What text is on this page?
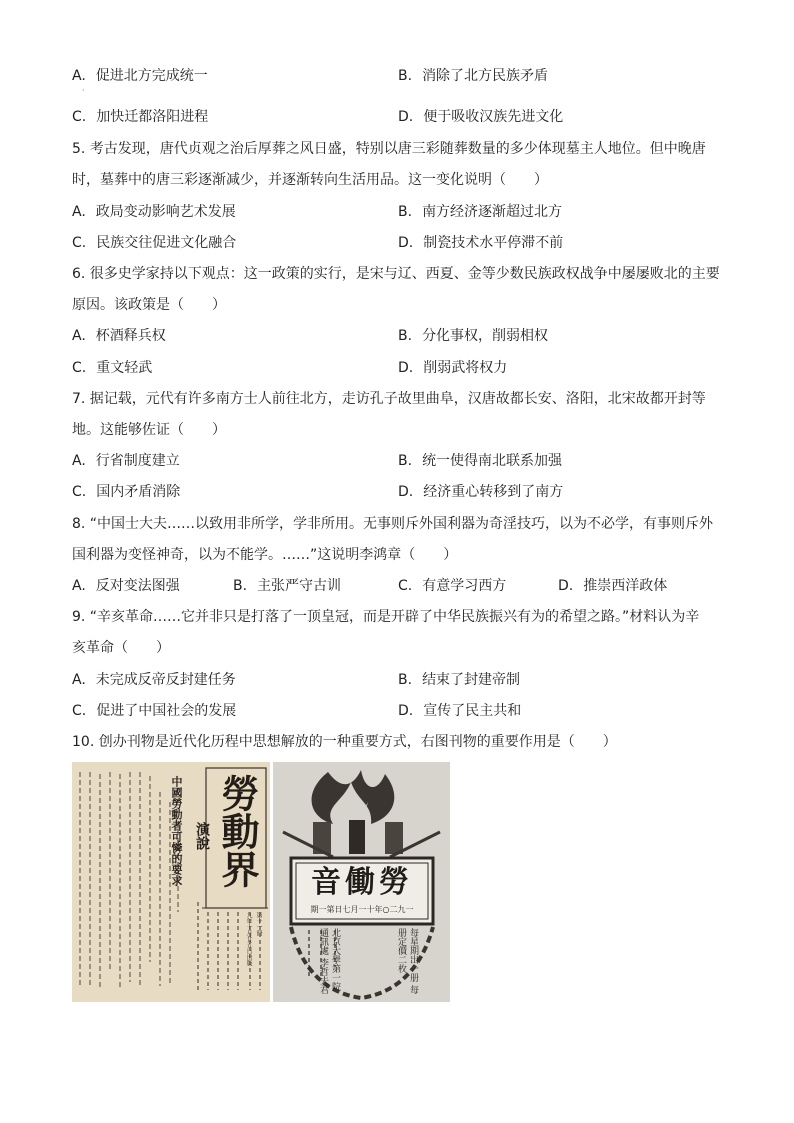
A. 促进北方完成统一	B. 消除了北方民族矛盾
·
C. 加快迁都洛阳进程	D. 便于吸收汉族先进文化
5. 考古发现，唐代贞观之治后厚葬之风日盛，特别以唐三彩随葬数量的多少体现墓主人地位。但中晚唐
时，墓葬中的唐三彩逐渐减少，并逐渐转向生活用品。这一变化说明（　　）
A. 政局变动影响艺术发展	B. 南方经济逐渐超过北方
C. 民族交往促进文化融合	D. 制瓷技术水平停滞不前
6. 很多史学家持以下观点：这一政策的实行，是宋与辽、西夏、金等少数民族政权战争中屡屡败北的主要
原因。该政策是（　　）
A. 杯酒释兵权	B. 分化事权，削弱相权
C. 重文轻武	D. 削弱武将权力
7. 据记载，元代有许多南方士人前往北方，走访孔子故里曲阜，汉唐故都长安、洛阳，北宋故都开封等
地。这能够佐证（　　）
A. 行省制度建立	B. 统一使得南北联系加强
C. 国内矛盾消除	D. 经济重心转移到了南方
8. “中国士大夫……以致用非所学，学非所用。无事则斥外国利器为奇淫技巧，以为不必学，有事则斥外
国利器为变怪神奇，以为不能学。……”这说明李鸿章（　　）
A. 反对变法图强	B. 主张严守古训	C. 有意学习西方	D. 推崇西洋政体
9. “辛亥革命……它并非只是打落了一顶皇冠，而是开辟了中华民族振兴有为的希望之路。”材料认为辛
亥革命（　　）
A. 未完成反帝反封建任务	B. 结束了封建帝制
C. 促进了中国社会的发展	D. 宣传了民主共和
10. 创办刊物是近代化历程中思想解放的一种重要方式，右图刊物的重要作用是（　　）
勞動界
演說
中國勞動者可憐的要求
第十一冊
九年十月廿五日出版
勞働音
一九二○年十一月七日第一期
每星期出一册 每册定價二枚
北京大學第一院 通訊處 李哲夫君
